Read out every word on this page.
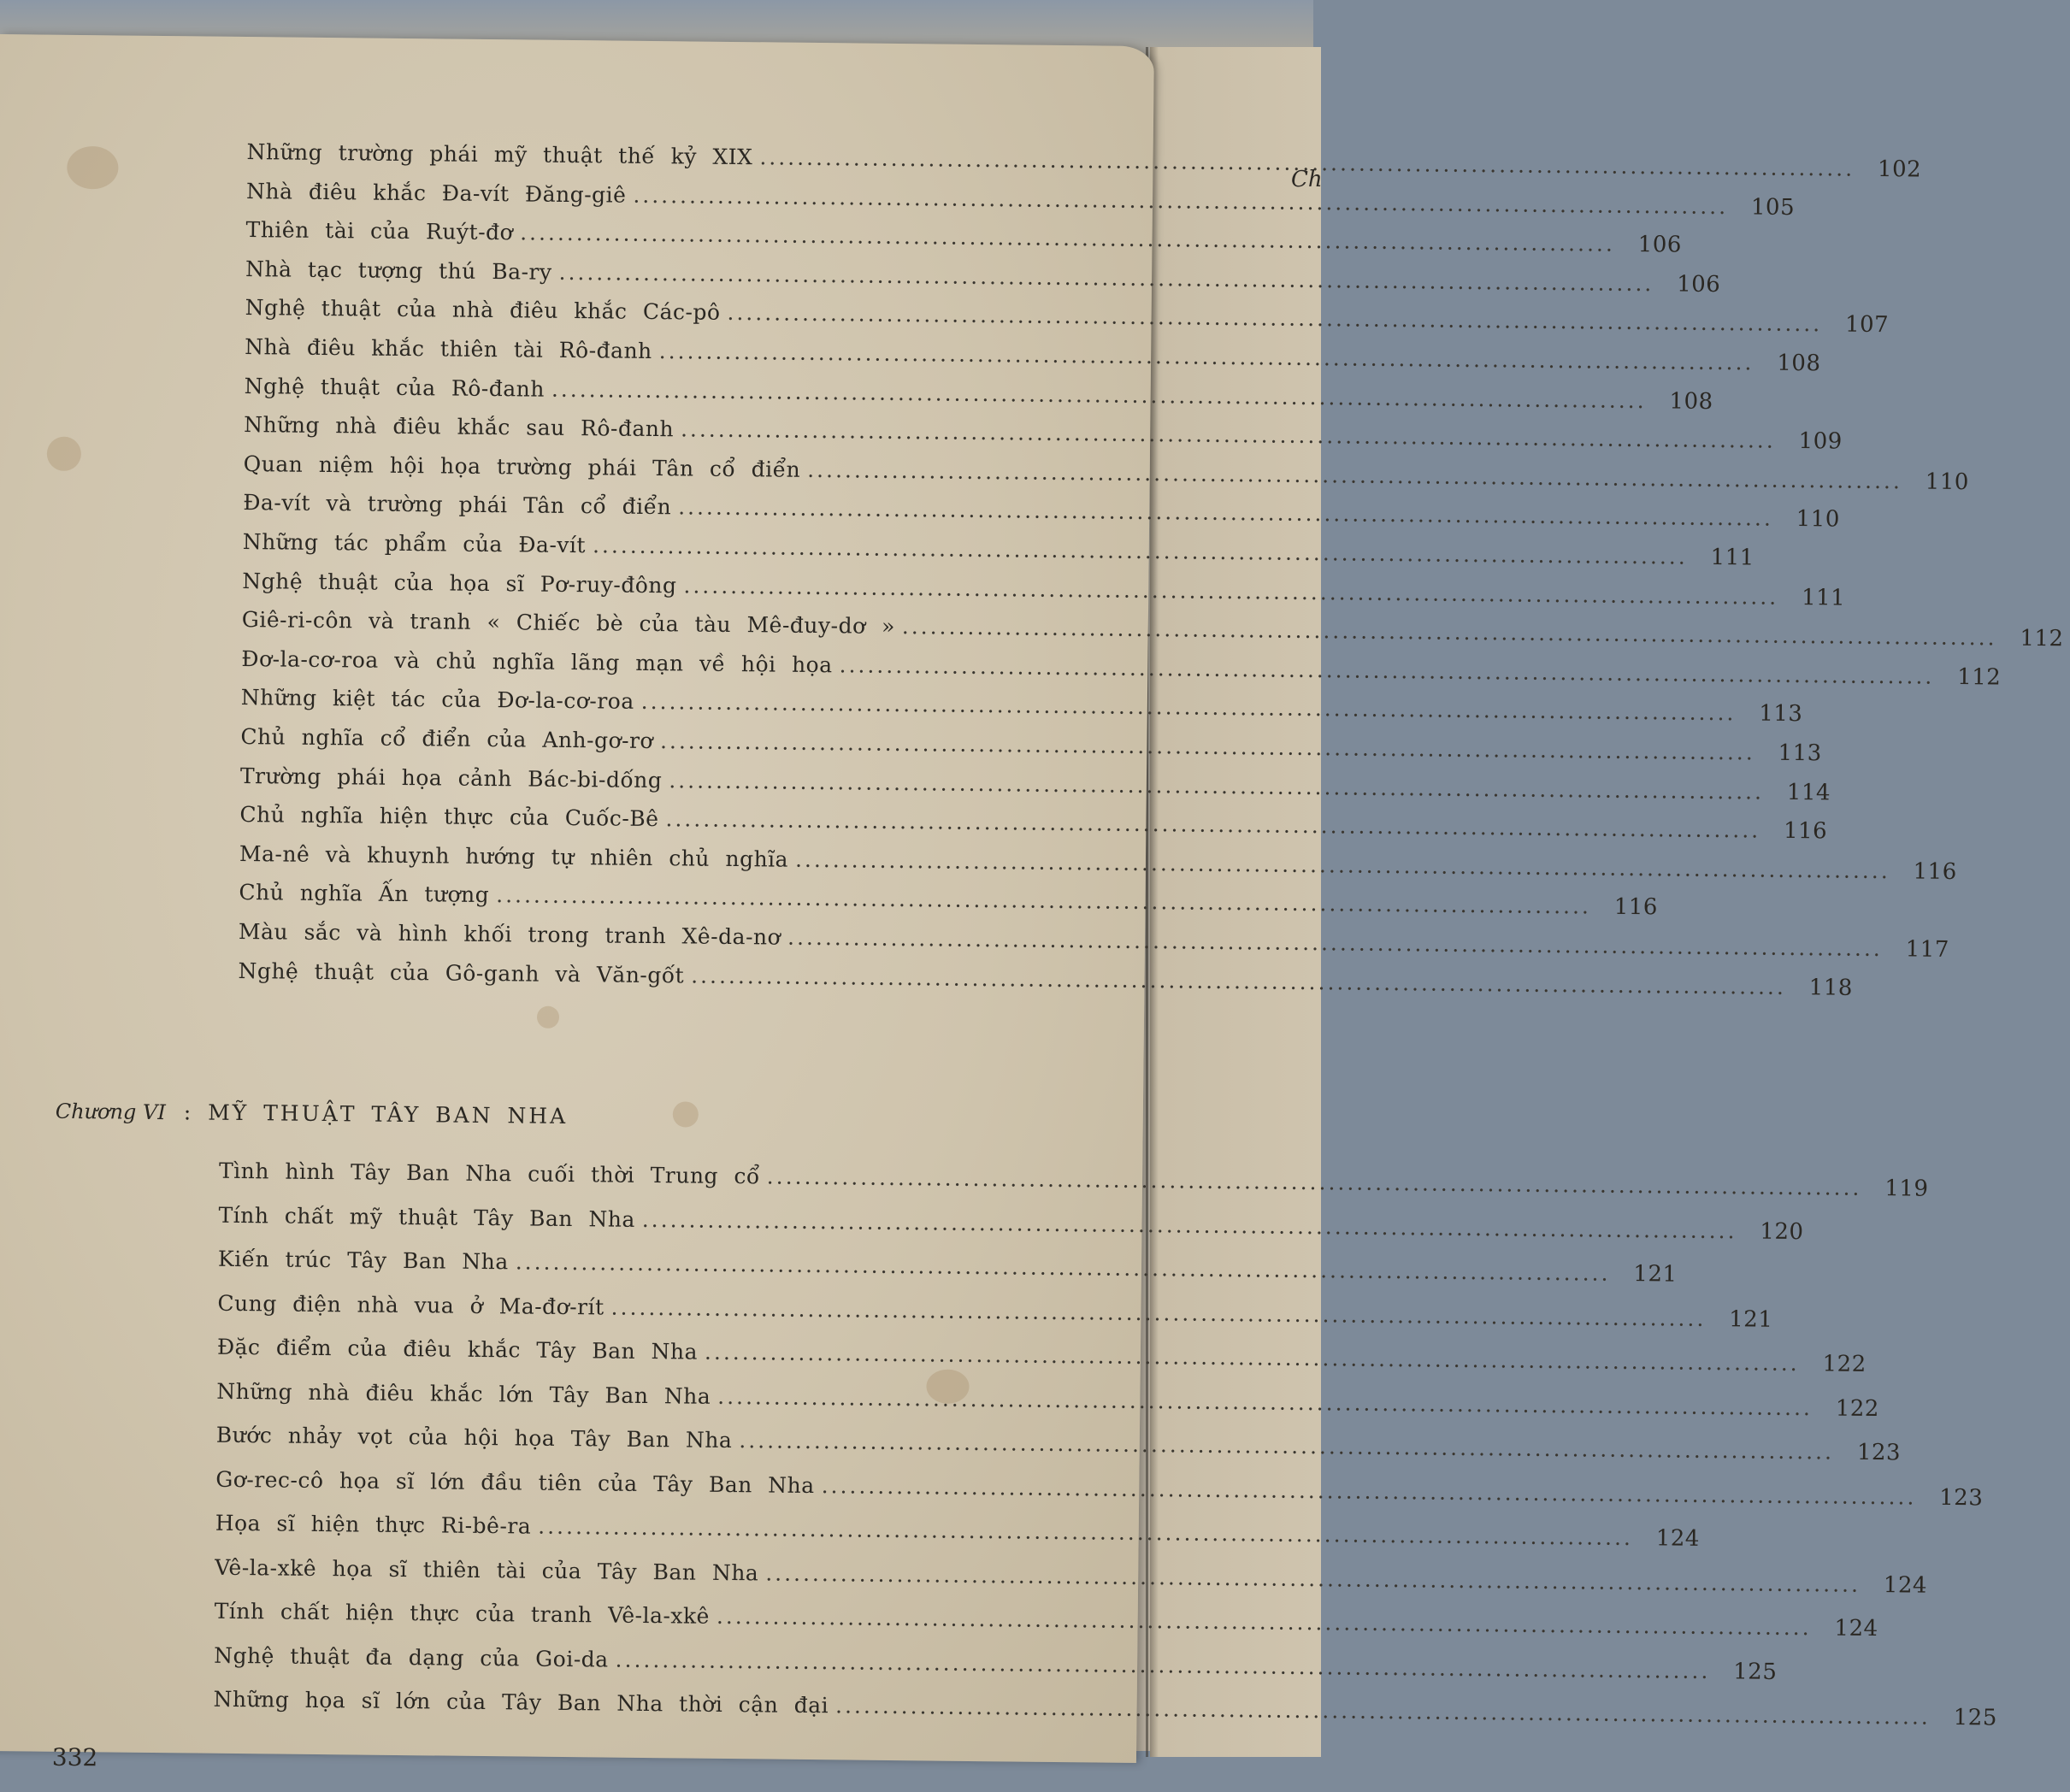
Ch
Những trường phái mỹ thuật thế kỷ XIX
.....
102
Nhà điêu khắc Đa-vít Đăng-giê
.....
105
Thiên tài của Ruýt-đơ
.....
106
Nhà tạc tượng thú Ba-ry
.....
106
Nghệ thuật của nhà điêu khắc Các-pô
.....
107
Nhà điêu khắc thiên tài Rô-đanh
.....
108
Nghệ thuật của Rô-đanh
.....
108
Những nhà điêu khắc sau Rô-đanh
.....
109
Quan niệm hội họa trường phái Tân cổ điển
.....
110
Đa-vít và trường phái Tân cổ điển
.....
110
Những tác phẩm của Đa-vít
.....
111
Nghệ thuật của họa sĩ Pơ-ruy-đông
.....
111
Giê-ri-côn và tranh « Chiếc bè của tàu Mê-đuy-dơ »
.....
112
Đơ-la-cơ-roa và chủ nghĩa lãng mạn về hội họa
.....
112
Những kiệt tác của Đơ-la-cơ-roa
.....
113
Chủ nghĩa cổ điển của Anh-gơ-rơ
.....
113
Trường phái họa cảnh Bác-bi-dống
.....
114
Chủ nghĩa hiện thực của Cuốc-Bê
.....
116
Ma-nê và khuynh hướng tự nhiên chủ nghĩa
.....
116
Chủ nghĩa Ấn tượng
.....
116
Màu sắc và hình khối trong tranh Xê-da-nơ
.....
117
Nghệ thuật của Gô-ganh và Văn-gốt
.....
118
Chương VI : MỸ THUẬT TÂY BAN NHA
Tình hình Tây Ban Nha cuối thời Trung cổ
.....
119
Tính chất mỹ thuật Tây Ban Nha
.....
120
Kiến trúc Tây Ban Nha
.....
121
Cung điện nhà vua ở Ma-đơ-rít
.....
121
Đặc điểm của điêu khắc Tây Ban Nha
.....
122
Những nhà điêu khắc lớn Tây Ban Nha
.....
122
Bước nhảy vọt của hội họa Tây Ban Nha
.....
123
Gơ-rec-cô họa sĩ lớn đầu tiên của Tây Ban Nha
.....
123
Họa sĩ hiện thực Ri-bê-ra
.....
124
Vê-la-xkê họa sĩ thiên tài của Tây Ban Nha
.....
124
Tính chất hiện thực của tranh Vê-la-xkê
.....
124
Nghệ thuật đa dạng của Goi-da
.....
125
Những họa sĩ lớn của Tây Ban Nha thời cận đại
.....
125
332
